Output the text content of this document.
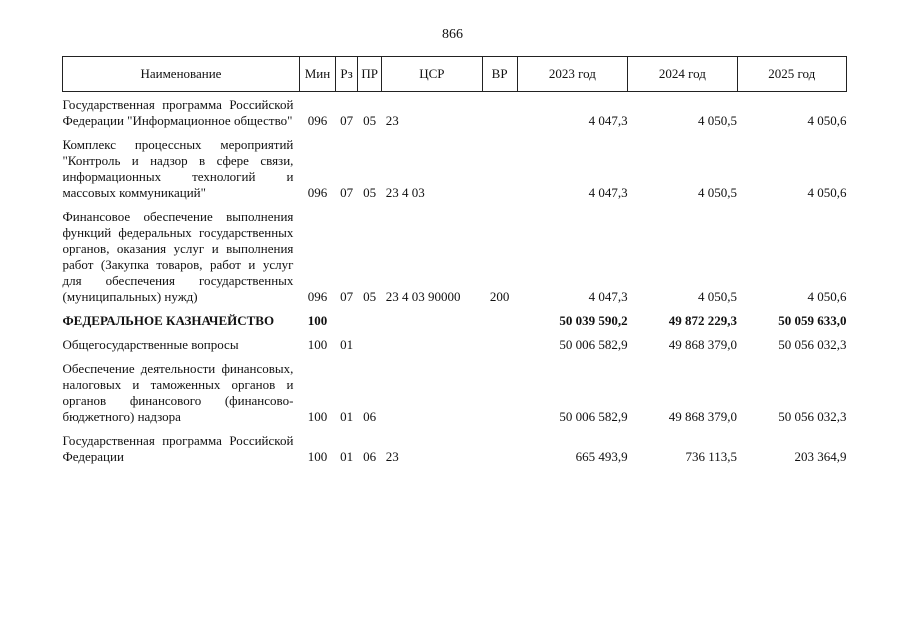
866
Наименование	Мин	Рз	ПР	ЦСР	ВР	2023 год	2024 год	2025 год
Государственная программа Российской Федерации "Информационное общество"	096	07	05	23		4 047,3	4 050,5	4 050,6
Комплекс процессных мероприятий "Контроль и надзор в сфере связи, информационных технологий и массовых коммуникаций"	096	07	05	23 4 03		4 047,3	4 050,5	4 050,6
Финансовое обеспечение выполнения функций федеральных государственных органов, оказания услуг и выполнения работ (Закупка товаров, работ и услуг для обеспечения государственных (муниципальных) нужд)	096	07	05	23 4 03 90000	200	4 047,3	4 050,5	4 050,6
ФЕДЕРАЛЬНОЕ КАЗНАЧЕЙСТВО	100					50 039 590,2	49 872 229,3	50 059 633,0
Общегосударственные вопросы	100	01				50 006 582,9	49 868 379,0	50 056 032,3
Обеспечение деятельности финансовых, налоговых и таможенных органов и органов финансового (финансово-бюджетного) надзора	100	01	06			50 006 582,9	49 868 379,0	50 056 032,3
Государственная программа Российской Федерации	100	01	06	23		665 493,9	736 113,5	203 364,9
